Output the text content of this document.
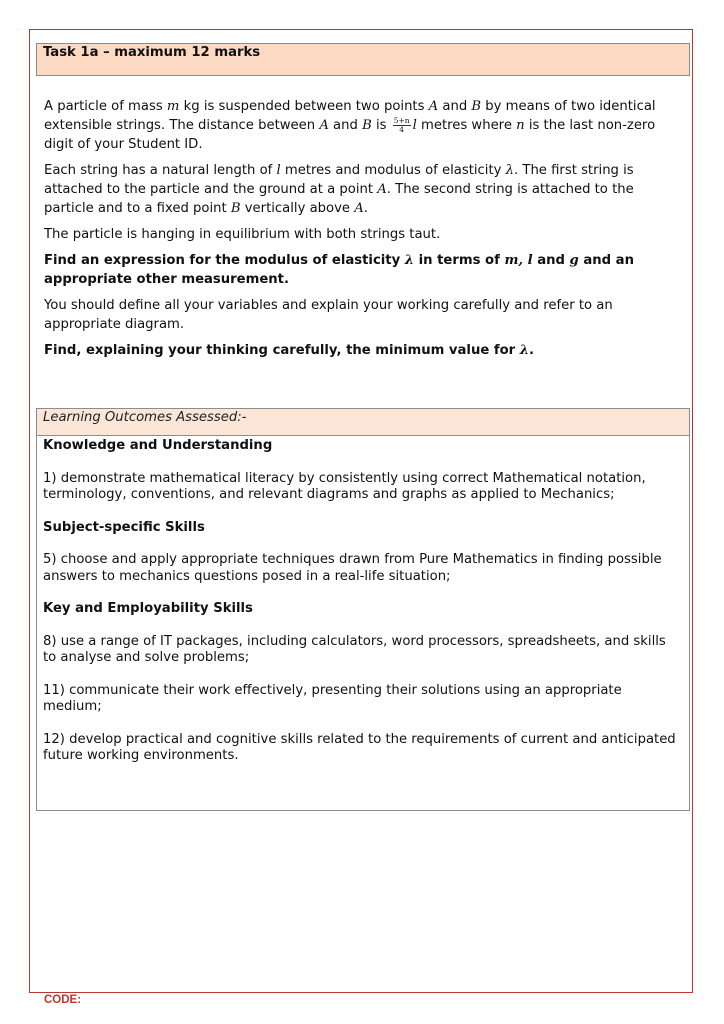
Task 1a – maximum 12 marks

A particle of mass m kg is suspended between two points A and B by means of two identical extensible strings. The distance between A and B is $\frac{5+n}{4}$ l metres where n is the last non-zero digit of your Student ID.

Each string has a natural length of l metres and modulus of elasticity λ. The first string is attached to the particle and the ground at a point A. The second string is attached to the particle and to a fixed point B vertically above A.

The particle is hanging in equilibrium with both strings taut.

Find an expression for the modulus of elasticity λ in terms of m, l and g and an appropriate other measurement.

You should define all your variables and explain your working carefully and refer to an appropriate diagram.

Find, explaining your thinking carefully, the minimum value for λ.

Learning Outcomes Assessed:-
Knowledge and Understanding
1) demonstrate mathematical literacy by consistently using correct Mathematical notation, terminology, conventions, and relevant diagrams and graphs as applied to Mechanics;
Subject-specific Skills
5) choose and apply appropriate techniques drawn from Pure Mathematics in finding possible answers to mechanics questions posed in a real-life situation;
Key and Employability Skills
8) use a range of IT packages, including calculators, word processors, spreadsheets, and skills to analyse and solve problems;
11) communicate their work effectively, presenting their solutions using an appropriate medium;
12) develop practical and cognitive skills related to the requirements of current and anticipated future working environments.
CODE:
